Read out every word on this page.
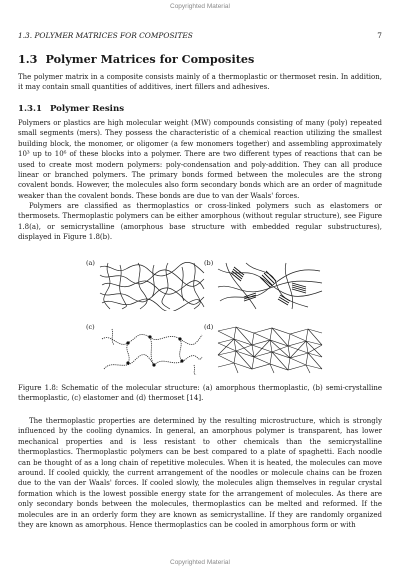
Copyrighted Material
1.3. POLYMER MATRICES FOR COMPOSITES	7
1.3 Polymer Matrices for Composites

The polymer matrix in a composite consists mainly of a thermoplastic or thermoset resin. In addition, it may contain small quantities of additives, inert fillers and adhesives.

1.3.1 Polymer Resins

Polymers or plastics are high molecular weight (MW) compounds consisting of many (poly) repeated small segments (mers). They possess the characteristic of a chemical reaction utilizing the smallest building block, the monomer, or oligomer (a few monomers together) and assembling approximately 10³ up to 10⁶ of these blocks into a polymer. There are two different types of reactions that can be used to create most modern polymers: poly-condensation and poly-addition. They can all produce linear or branched polymers. The primary bonds formed between the molecules are the strong covalent bonds. However, the molecules also form secondary bonds which are an order of magnitude weaker than the covalent bonds. These bonds are due to van der Waals' forces.

Polymers are classified as thermoplastics or cross-linked polymers such as elastomers or thermosets. Thermoplastic polymers can be either amorphous (without regular structure), see Figure 1.8(a), or semicrystalline (amorphous base structure with embedded regular substructures), displayed in Figure 1.8(b).

(a)	(b)
(c)	(d)

Figure 1.8: Schematic of the molecular structure: (a) amorphous thermoplastic, (b) semi-crystalline thermoplastic, (c) elastomer and (d) thermoset [14].

The thermoplastic properties are determined by the resulting microstructure, which is strongly influenced by the cooling dynamics. In general, an amorphous polymer is transparent, has lower mechanical properties and is less resistant to other chemicals than the semicrystalline thermoplastics. Thermoplastic polymers can be best compared to a plate of spaghetti. Each noodle can be thought of as a long chain of repetitive molecules. When it is heated, the molecules can move around. If cooled quickly, the current arrangement of the noodles or molecule chains can be frozen due to the van der Waals' forces. If cooled slowly, the molecules align themselves in regular crystal formation which is the lowest possible energy state for the arrangement of molecules. As there are only secondary bonds between the molecules, thermoplastics can be melted and reformed. If the molecules are in an orderly form they are known as semicrystalline. If they are randomly organized they are known as amorphous. Hence thermoplastics can be cooled in amorphous form or with

Copyrighted Material
